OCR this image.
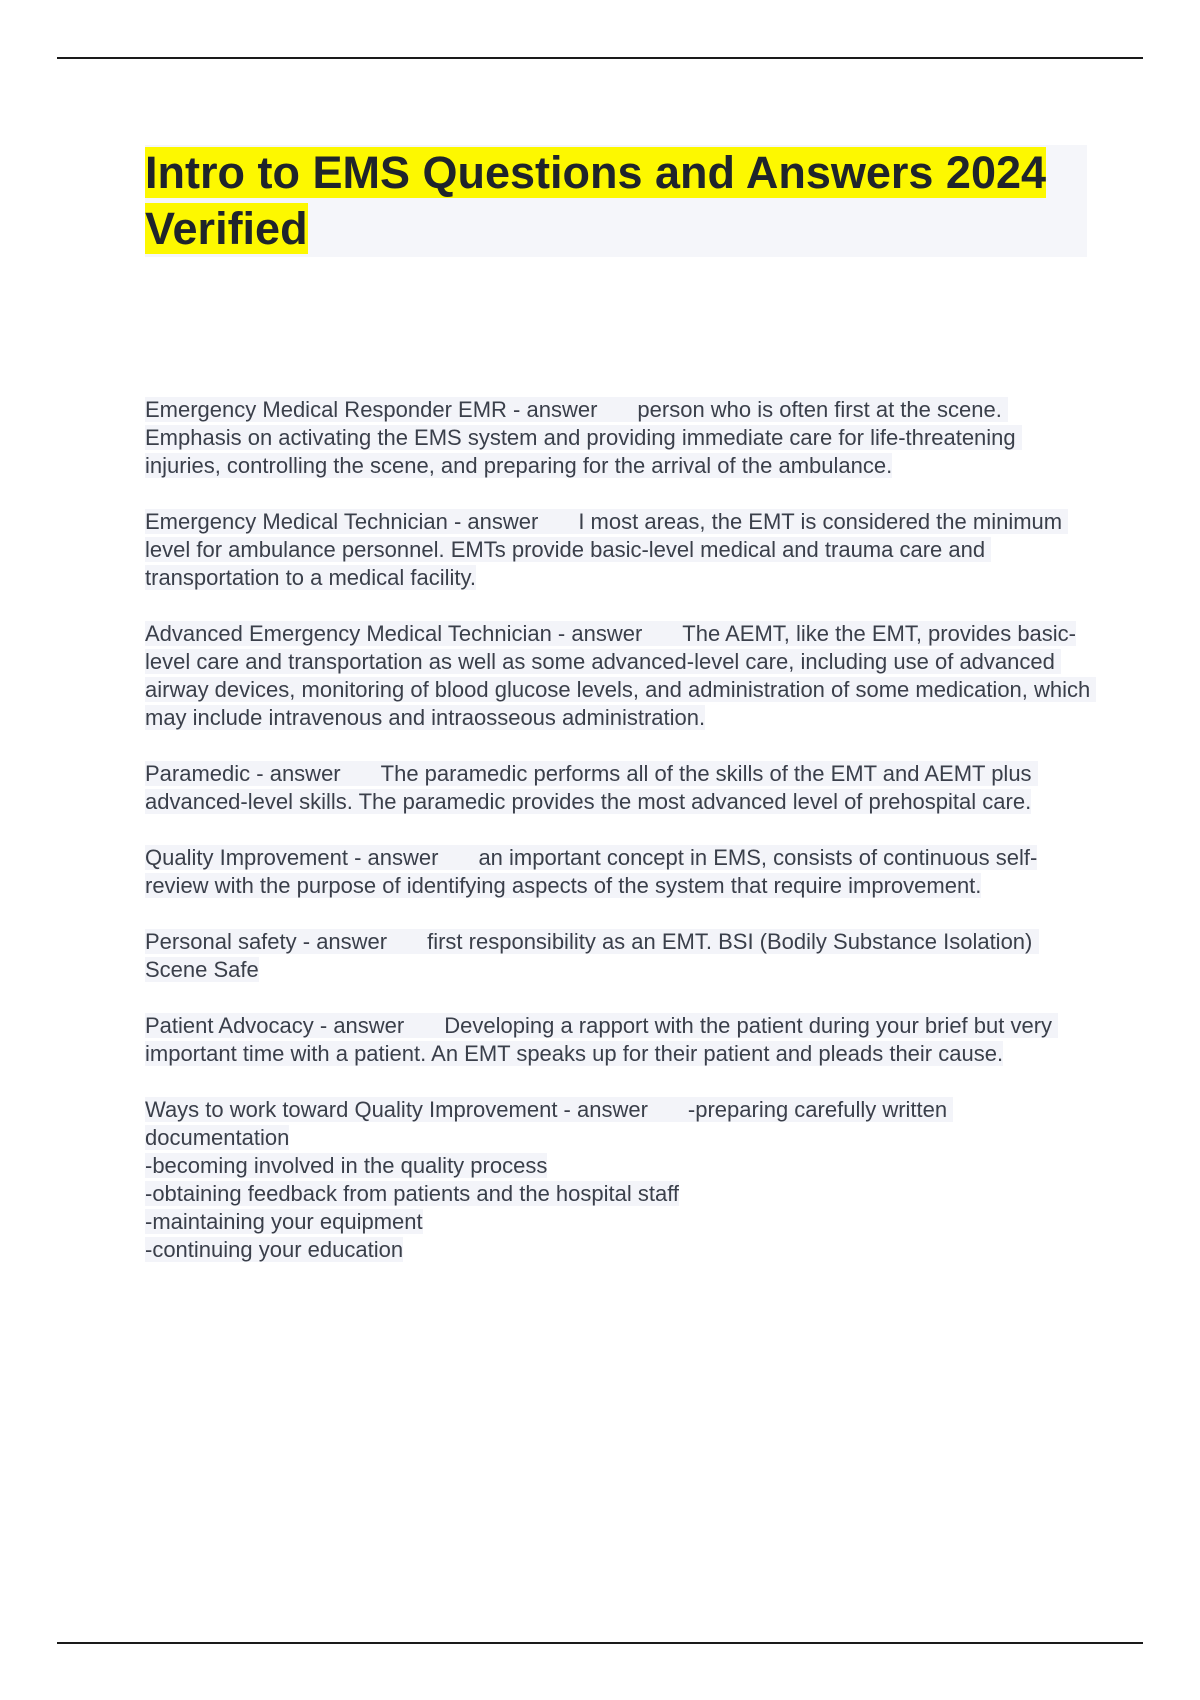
Intro to EMS Questions and Answers 2024 Verified

Emergency Medical Responder EMR - answer person who is often first at the scene. Emphasis on activating the EMS system and providing immediate care for life-threatening injuries, controlling the scene, and preparing for the arrival of the ambulance.

Emergency Medical Technician - answer I most areas, the EMT is considered the minimum level for ambulance personnel. EMTs provide basic-level medical and trauma care and transportation to a medical facility.

Advanced Emergency Medical Technician - answer The AEMT, like the EMT, provides basic-level care and transportation as well as some advanced-level care, including use of advanced airway devices, monitoring of blood glucose levels, and administration of some medication, which may include intravenous and intraosseous administration.

Paramedic - answer The paramedic performs all of the skills of the EMT and AEMT plus advanced-level skills. The paramedic provides the most advanced level of prehospital care.

Quality Improvement - answer an important concept in EMS, consists of continuous self-review with the purpose of identifying aspects of the system that require improvement.

Personal safety - answer first responsibility as an EMT. BSI (Bodily Substance Isolation) Scene Safe

Patient Advocacy - answer Developing a rapport with the patient during your brief but very important time with a patient. An EMT speaks up for their patient and pleads their cause.

Ways to work toward Quality Improvement - answer -preparing carefully written documentation
-becoming involved in the quality process
-obtaining feedback from patients and the hospital staff
-maintaining your equipment
-continuing your education
